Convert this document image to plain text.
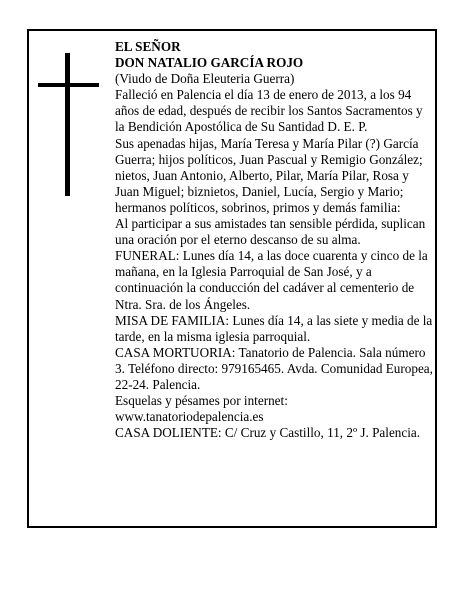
EL SEÑOR

DON NATALIO GARCÍA ROJO

(Viudo de Doña Eleuteria Guerra)

Falleció en Palencia el día 13 de enero de 2013, a los 94 años de edad, después de recibir los Santos Sacramentos y la Bendición Apostólica de Su Santidad D. E. P.

Sus apenadas hijas, María Teresa y María Pilar (?) García Guerra; hijos políticos, Juan Pascual y Remigio González; nietos, Juan Antonio, Alberto, Pilar, María Pilar, Rosa y Juan Miguel; biznietos, Daniel, Lucía, Sergio y Mario; hermanos políticos, sobrinos, primos y demás familia:

Al participar a sus amistades tan sensible pérdida, suplican una oración por el eterno descanso de su alma.

FUNERAL: Lunes día 14, a las doce cuarenta y cinco de la mañana, en la Iglesia Parroquial de San José, y a continuación la conducción del cadáver al cementerio de Ntra. Sra. de los Ángeles.

MISA DE FAMILIA: Lunes día 14, a las siete y media de la tarde, en la misma iglesia parroquial.

CASA MORTUORIA: Tanatorio de Palencia. Sala número 3. Teléfono directo: 979165465. Avda. Comunidad Europea, 22-24. Palencia.

Esquelas y pésames por internet:

www.tanatoriodepalencia.es

CASA DOLIENTE: C/ Cruz y Castillo, 11, 2º J. Palencia.
